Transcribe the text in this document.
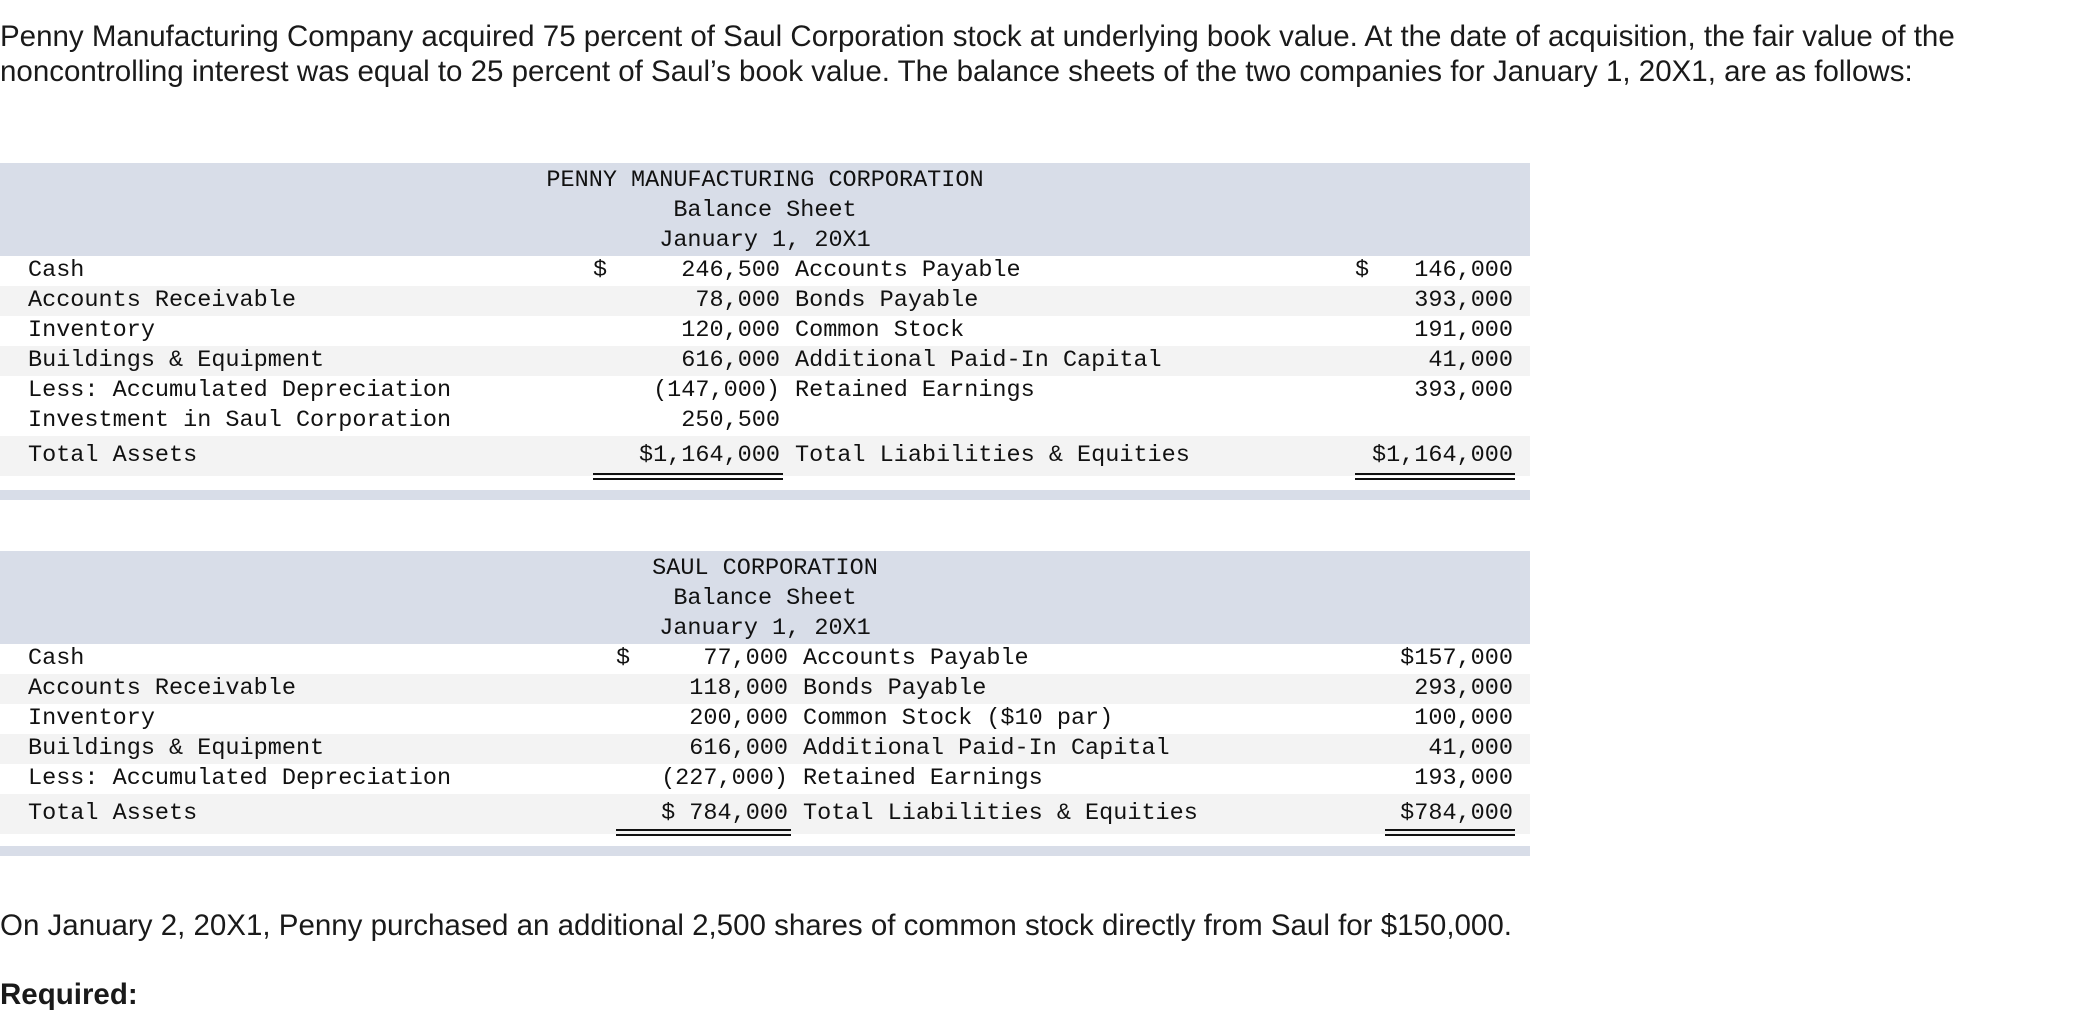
Penny Manufacturing Company acquired 75 percent of Saul Corporation stock at underlying book value. At the date of acquisition, the fair value of the noncontrolling interest was equal to 25 percent of Saul’s book value. The balance sheets of the two companies for January 1, 20X1, are as follows:

PENNY MANUFACTURING CORPORATION
Balance Sheet
January 1, 20X1
Cash	$	246,500 Accounts Payable	$	146,000
Accounts Receivable	78,000 Bonds Payable	393,000
Inventory	120,000 Common Stock	191,000
Buildings & Equipment	616,000 Additional Paid-In Capital	41,000
Less: Accumulated Depreciation	(147,000) Retained Earnings	393,000
Investment in Saul Corporation	250,500
Total Assets	$1,164,000 Total Liabilities & Equities	$1,164,000
SAUL CORPORATION
Balance Sheet
January 1, 20X1
Cash	$	77,000 Accounts Payable	$157,000
Accounts Receivable	118,000 Bonds Payable	293,000
Inventory	200,000 Common Stock ($10 par)	100,000
Buildings & Equipment	616,000 Additional Paid-In Capital	41,000
Less: Accumulated Depreciation	(227,000) Retained Earnings	193,000
Total Assets	$ 784,000 Total Liabilities & Equities	$784,000

On January 2, 20X1, Penny purchased an additional 2,500 shares of common stock directly from Saul for $150,000.

Required:
